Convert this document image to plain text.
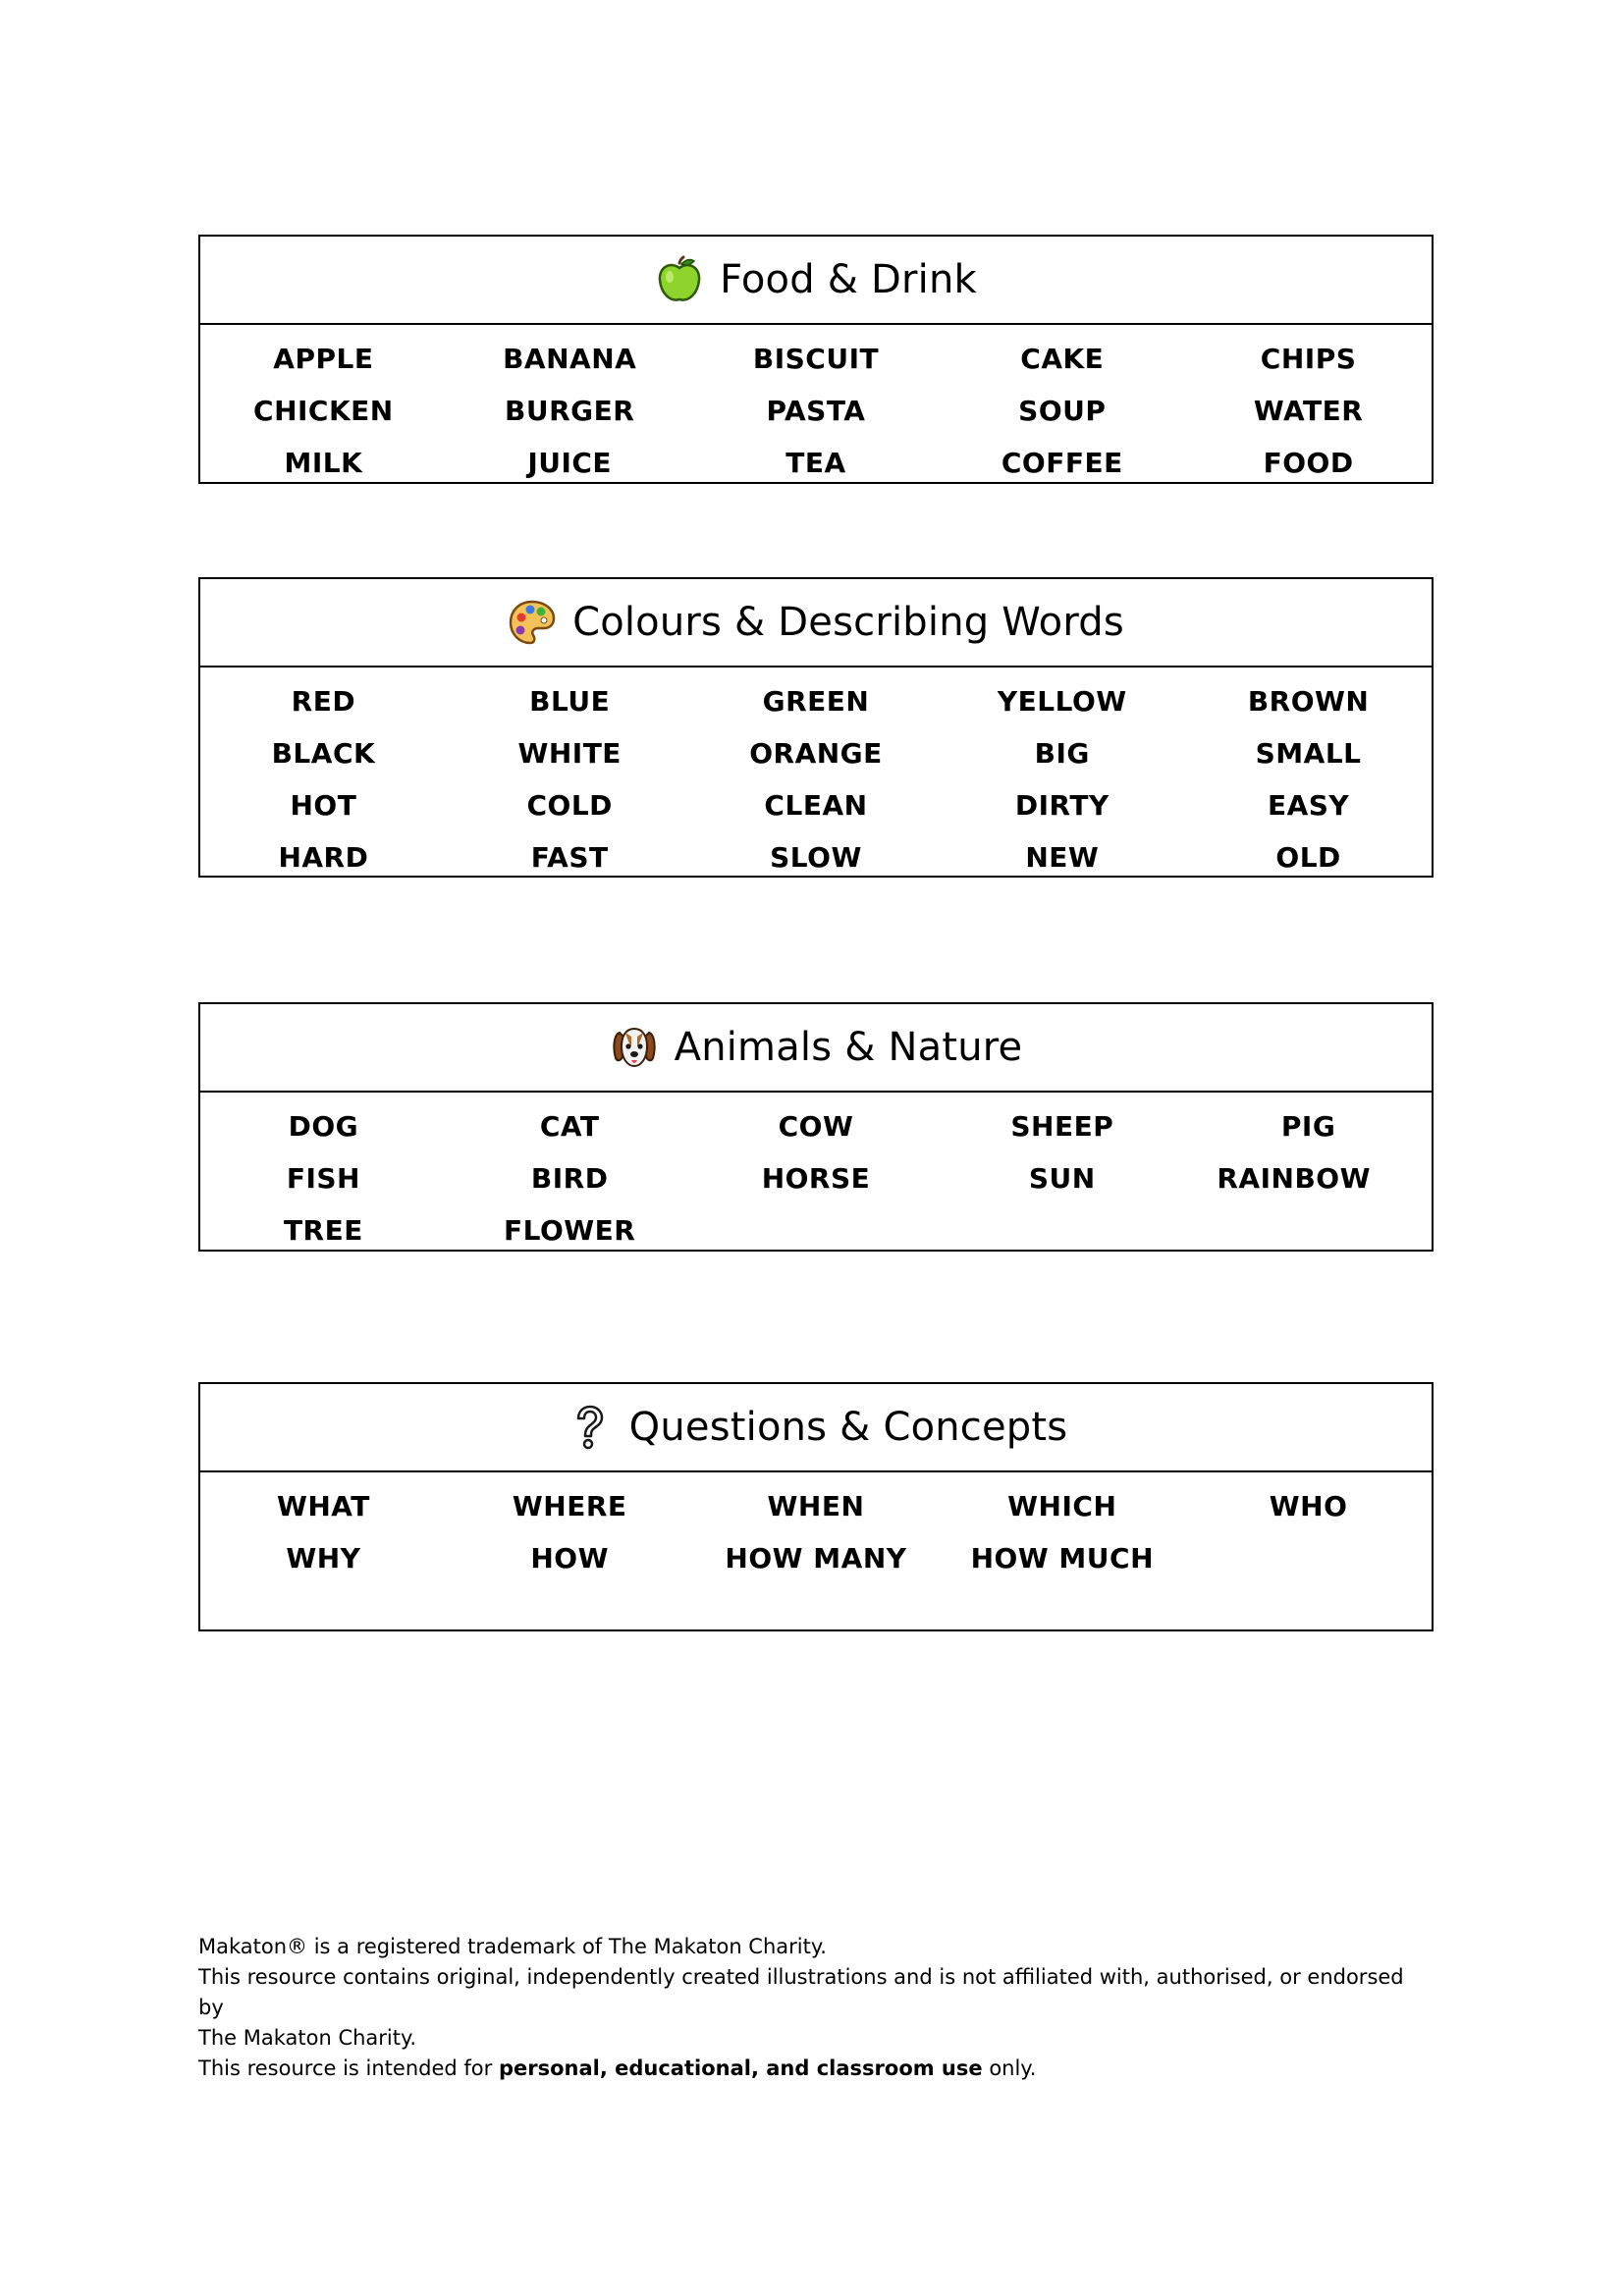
Food & Drink
APPLE	BANANA	BISCUIT	CAKE	CHIPS
CHICKEN	BURGER	PASTA	SOUP	WATER
MILK	JUICE	TEA	COFFEE	FOOD
Colours & Describing Words
RED	BLUE	GREEN	YELLOW	BROWN
BLACK	WHITE	ORANGE	BIG	SMALL
HOT	COLD	CLEAN	DIRTY	EASY
HARD	FAST	SLOW	NEW	OLD
Animals & Nature
DOG	CAT	COW	SHEEP	PIG
FISH	BIRD	HORSE	SUN	RAINBOW
TREE	FLOWER
Questions & Concepts
WHAT	WHERE	WHEN	WHICH	WHO
WHY	HOW	HOW MANY	HOW MUCH

Makaton® is a registered trademark of The Makaton Charity.

This resource contains original, independently created illustrations and is not affiliated with, authorised, or endorsed by

The Makaton Charity.

This resource is intended for personal, educational, and classroom use only.
